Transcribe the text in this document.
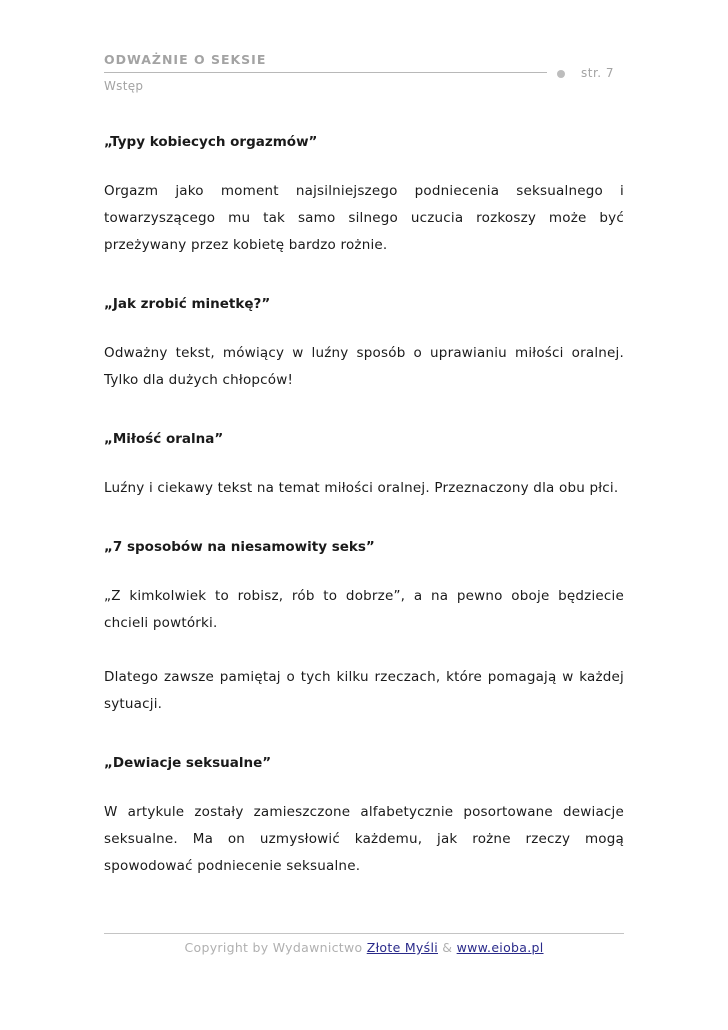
ODWAŻNIE O SEKSIE
str. 7
Wstęp
„Typy kobiecych orgazmów”

Orgazm jako moment najsilniejszego podniecenia seksualnego i towarzyszącego mu tak samo silnego uczucia rozkoszy może być przeżywany przez kobietę bardzo rożnie.

„Jak zrobić minetkę?”

Odważny tekst, mówiący w luźny sposób o uprawianiu miłości oralnej. Tylko dla dużych chłopców!

„Miłość oralna”

Luźny i ciekawy tekst na temat miłości oralnej. Przeznaczony dla obu płci.

„7 sposobów na niesamowity seks”

„Z kimkolwiek to robisz, rób to dobrze”, a na pewno oboje będziecie chcieli powtórki.

Dlatego zawsze pamiętaj o tych kilku rzeczach, które pomagają w każdej sytuacji.

„Dewiacje seksualne”

W artykule zostały zamieszczone alfabetycznie posortowane dewiacje seksualne. Ma on uzmysłowić każdemu, jak rożne rzeczy mogą spowodować podniecenie seksualne.

Copyright by Wydawnictwo Złote Myśli & www.eioba.pl
